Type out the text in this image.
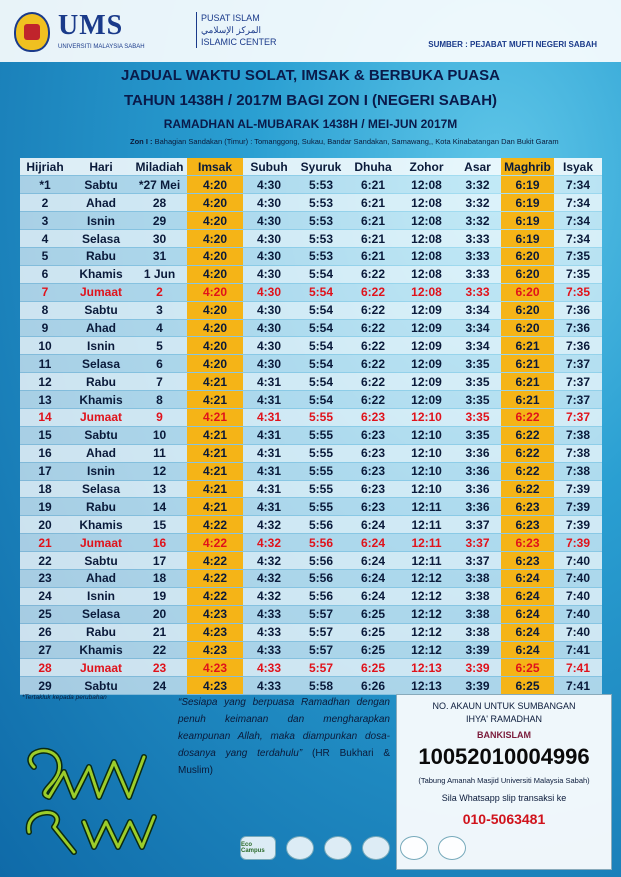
UMS
UNIVERSITI MALAYSIA SABAH
PUSAT ISLAM
المركز الإسلامي
ISLAMIC CENTER	SUMBER : PEJABAT MUFTI NEGERI SABAH
JADUAL WAKTU SOLAT, IMSAK & BERBUKA PUASA
TAHUN 1438H / 2017M BAGI ZON I (NEGERI SABAH)
RAMADHAN AL-MUBARAK 1438H / MEI-JUN 2017M
Zon I : Bahagian Sandakan (Timur) : Tomanggong, Sukau, Bandar Sandakan, Samawang,, Kota Kinabatangan Dan Bukit Garam
Hijriah	Hari	Miladiah	Imsak	Subuh	Syuruk	Dhuha	Zohor	Asar	Maghrib	Isyak
*1	Sabtu	*27 Mei	4:20	4:30	5:53	6:21	12:08	3:32	6:19	7:34
2	Ahad	28	4:20	4:30	5:53	6:21	12:08	3:32	6:19	7:34
3	Isnin	29	4:20	4:30	5:53	6:21	12:08	3:32	6:19	7:34
4	Selasa	30	4:20	4:30	5:53	6:21	12:08	3:33	6:19	7:34
5	Rabu	31	4:20	4:30	5:53	6:21	12:08	3:33	6:20	7:35
6	Khamis	1 Jun	4:20	4:30	5:54	6:22	12:08	3:33	6:20	7:35
7	Jumaat	2	4:20	4:30	5:54	6:22	12:08	3:33	6:20	7:35
8	Sabtu	3	4:20	4:30	5:54	6:22	12:09	3:34	6:20	7:36
9	Ahad	4	4:20	4:30	5:54	6:22	12:09	3:34	6:20	7:36
10	Isnin	5	4:20	4:30	5:54	6:22	12:09	3:34	6:21	7:36
11	Selasa	6	4:20	4:30	5:54	6:22	12:09	3:35	6:21	7:37
12	Rabu	7	4:21	4:31	5:54	6:22	12:09	3:35	6:21	7:37
13	Khamis	8	4:21	4:31	5:54	6:22	12:09	3:35	6:21	7:37
14	Jumaat	9	4:21	4:31	5:55	6:23	12:10	3:35	6:22	7:37
15	Sabtu	10	4:21	4:31	5:55	6:23	12:10	3:35	6:22	7:38
16	Ahad	11	4:21	4:31	5:55	6:23	12:10	3:36	6:22	7:38
17	Isnin	12	4:21	4:31	5:55	6:23	12:10	3:36	6:22	7:38
18	Selasa	13	4:21	4:31	5:55	6:23	12:10	3:36	6:22	7:39
19	Rabu	14	4:21	4:31	5:55	6:23	12:11	3:36	6:23	7:39
20	Khamis	15	4:22	4:32	5:56	6:24	12:11	3:37	6:23	7:39
21	Jumaat	16	4:22	4:32	5:56	6:24	12:11	3:37	6:23	7:39
22	Sabtu	17	4:22	4:32	5:56	6:24	12:11	3:37	6:23	7:40
23	Ahad	18	4:22	4:32	5:56	6:24	12:12	3:38	6:24	7:40
24	Isnin	19	4:22	4:32	5:56	6:24	12:12	3:38	6:24	7:40
25	Selasa	20	4:23	4:33	5:57	6:25	12:12	3:38	6:24	7:40
26	Rabu	21	4:23	4:33	5:57	6:25	12:12	3:38	6:24	7:40
27	Khamis	22	4:23	4:33	5:57	6:25	12:12	3:39	6:24	7:41
28	Jumaat	23	4:23	4:33	5:57	6:25	12:13	3:39	6:25	7:41
29	Sabtu	24	4:23	4:33	5:58	6:26	12:13	3:39	6:25	7:41
*Tertakluk kepada perubahan	“Sesiapa yang berpuasa Ramadhan dengan penuh keimanan dan mengharapkan keampunan Allah, maka diampunkan dosa-dosanya yang terdahulu” (HR Bukhari & Muslim)
NO. AKAUN UNTUK SUMBANGAN
IHYA' RAMADHAN
BANKISLAM
10052010004996
(Tabung Amanah Masjid Universiti Malaysia Sabah)
Sila Whatsapp slip transaksi ke
010-5063481
Eco Campus
